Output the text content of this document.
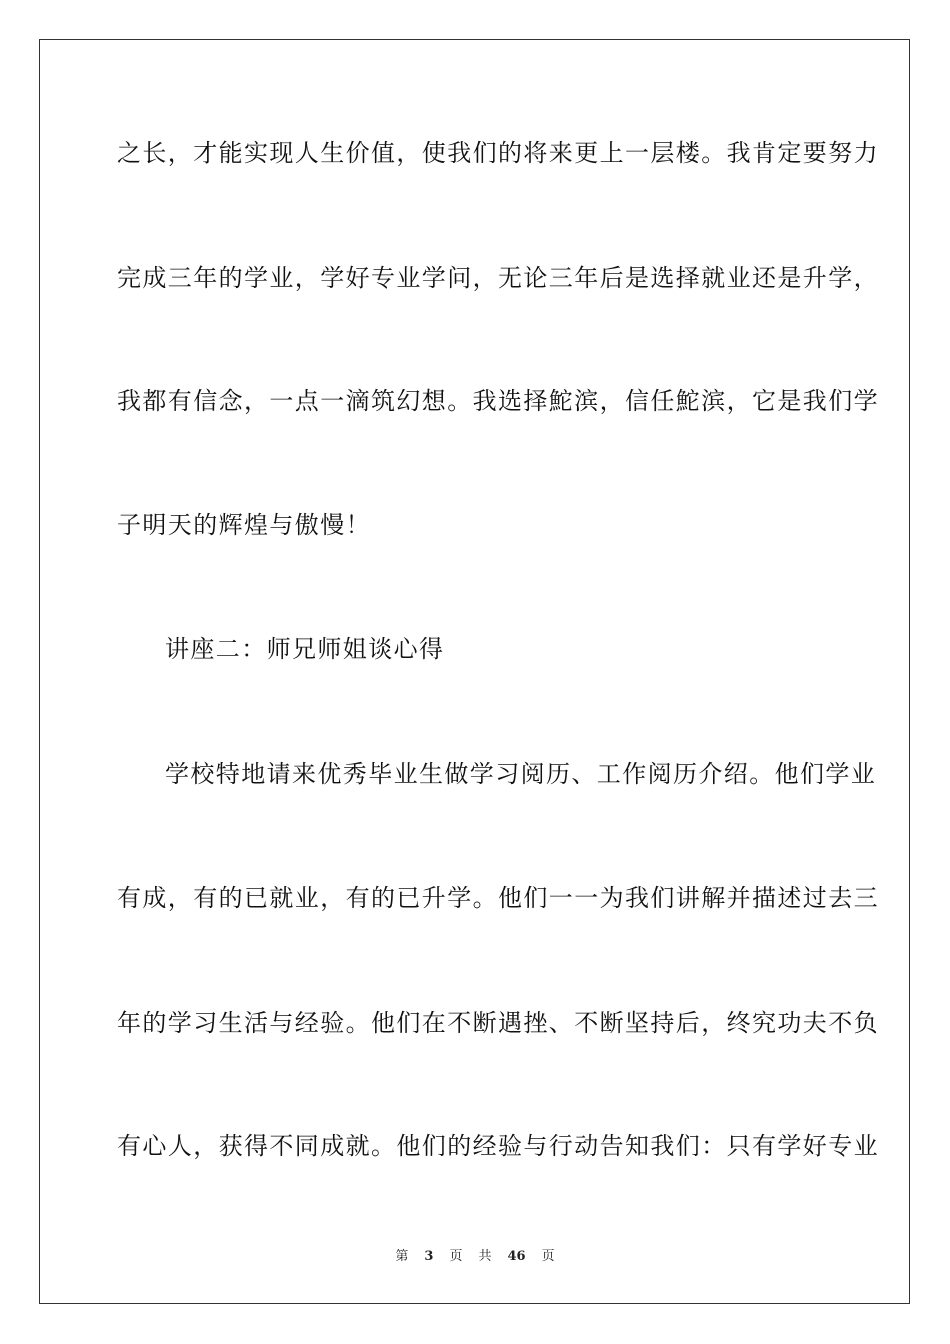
之长，才能实现人生价值，使我们的将来更上一层楼。我肯定要努力

完成三年的学业，学好专业学问，无论三年后是选择就业还是升学，

我都有信念，一点一滴筑幻想。我选择鮀滨，信任鮀滨，它是我们学

子明天的辉煌与傲慢！

讲座二：师兄师姐谈心得

学校特地请来优秀毕业生做学习阅历、工作阅历介绍。他们学业

有成，有的已就业，有的已升学。他们一一为我们讲解并描述过去三

年的学习生活与经验。他们在不断遇挫、不断坚持后，终究功夫不负

有心人，获得不同成就。他们的经验与行动告知我们：只有学好专业

第 3 页 共 46 页
